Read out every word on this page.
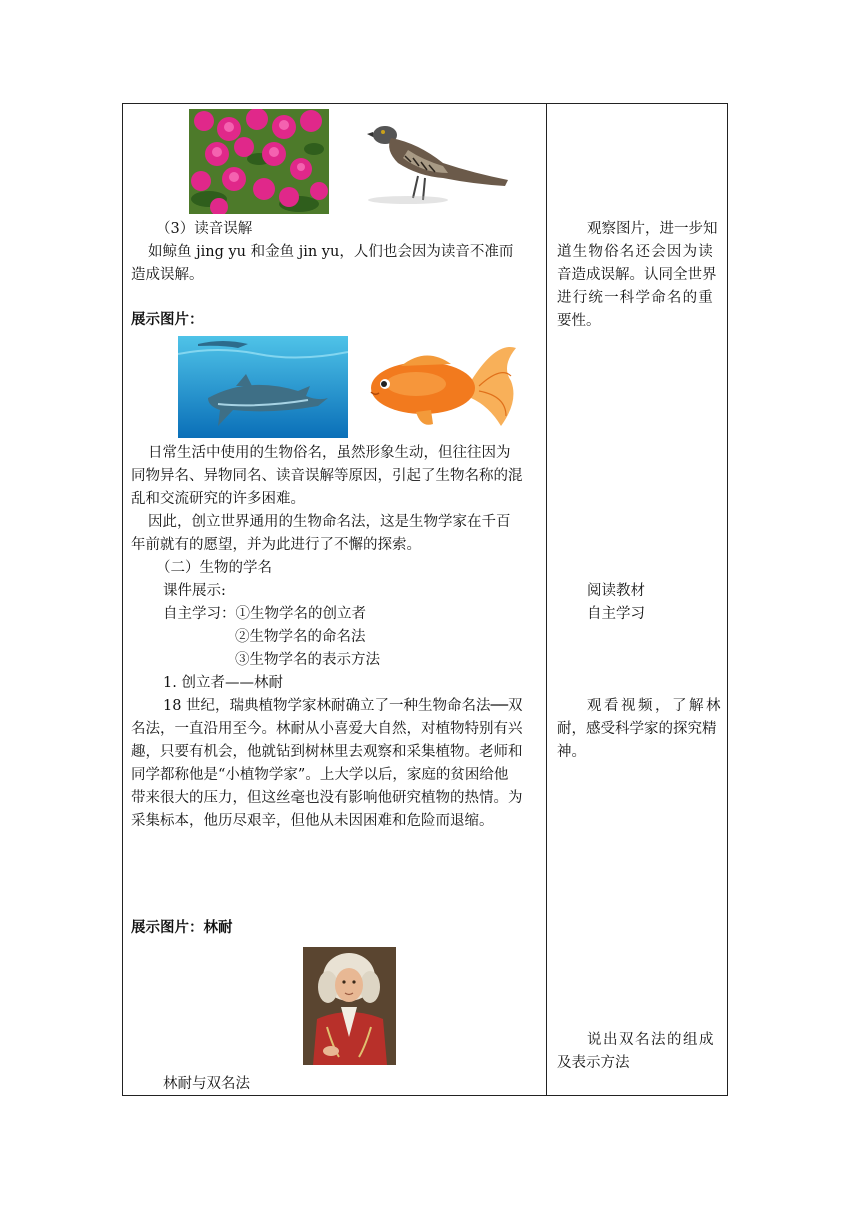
（3）读音误解
如鲸鱼 jing yu 和金鱼 jin yu，人们也会因为读音不准而
造成误解。
展示图片：
日常生活中使用的生物俗名，虽然形象生动，但往往因为
同物异名、异物同名、读音误解等原因，引起了生物名称的混
乱和交流研究的许多困难。
因此，创立世界通用的生物命名法，这是生物学家在千百
年前就有的愿望，并为此进行了不懈的探索。
（二）生物的学名
课件展示:
自主学习：①生物学名的创立者
②生物学名的命名法
③生物学名的表示方法
1. 创立者——林耐
18 世纪，瑞典植物学家林耐确立了一种生物命名法──双
名法，一直沿用至今。林耐从小喜爱大自然，对植物特别有兴
趣，只要有机会，他就钻到树林里去观察和采集植物。老师和
同学都称他是“小植物学家”。上大学以后，家庭的贫困给他
带来很大的压力，但这丝毫也没有影响他研究植物的热情。为
采集标本，他历尽艰辛，但他从未因困难和危险而退缩。
展示图片：林耐
林耐与双名法
观察图片，进一步知
道生物俗名还会因为读
音造成误解。认同全世界
进行统一科学命名的重
要性。
阅读教材
自主学习
观看视频，了解林
耐，感受科学家的探究精
神。
说出双名法的组成
及表示方法
